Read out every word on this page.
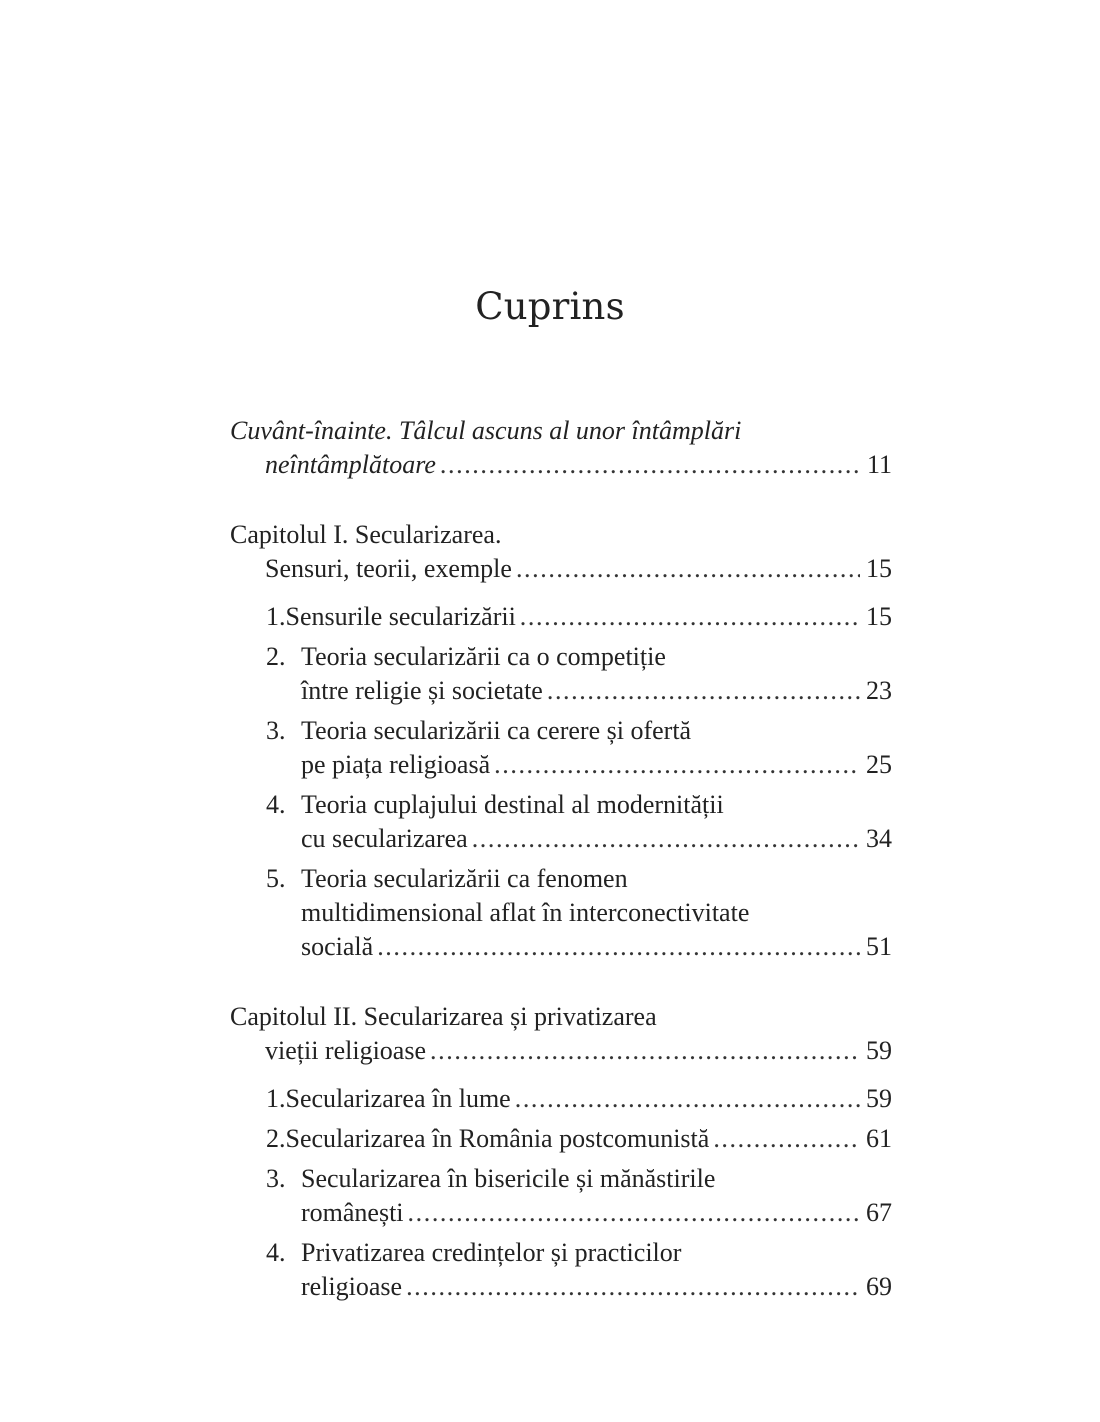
Cuprins
Cuvânt-înainte. Tâlcul ascuns al unor întâmplări
neîntâmplătoare .....	11
Capitolul I. Secularizarea.
Sensuri, teorii, exemple .....	15
1. Sensurile secularizării .....	15
2. Teoria secularizării ca o competiție
între religie și societate .....	23
3. Teoria secularizării ca cerere și ofertă
pe piața religioasă .....	25
4. Teoria cuplajului destinal al modernității
cu secularizarea .....	34
5. Teoria secularizării ca fenomen
multidimensional aflat în interconectivitate
socială .....	51
Capitolul II. Secularizarea și privatizarea
vieții religioase .....	59
1. Secularizarea în lume .....	59
2. Secularizarea în România postcomunistă .....	61
3. Secularizarea în bisericile și mănăstirile
românești .....	67
4. Privatizarea credințelor și practicilor
religioase .....	69
